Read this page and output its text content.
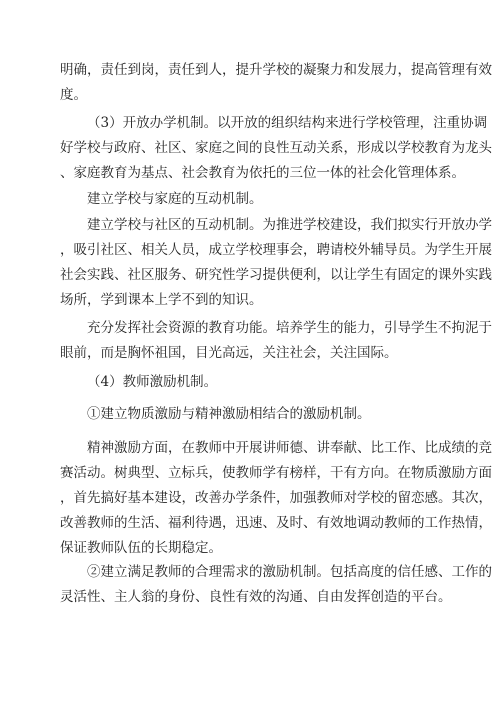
明确，责任到岗，责任到人，提升学校的凝聚力和发展力，提高管理有效
度。
（3）开放办学机制。以开放的组织结构来进行学校管理，注重协调
好学校与政府、社区、家庭之间的良性互动关系，形成以学校教育为龙头
、家庭教育为基点、社会教育为依托的三位一体的社会化管理体系。
建立学校与家庭的互动机制。
建立学校与社区的互动机制。为推进学校建设，我们拟实行开放办学
，吸引社区、相关人员，成立学校理事会，聘请校外辅导员。为学生开展
社会实践、社区服务、研究性学习提供便利，以让学生有固定的课外实践
场所，学到课本上学不到的知识。
充分发挥社会资源的教育功能。培养学生的能力，引导学生不拘泥于
眼前，而是胸怀祖国，目光高远，关注社会，关注国际。
（4）教师激励机制。
①建立物质激励与精神激励相结合的激励机制。
精神激励方面，在教师中开展讲师德、讲奉献、比工作、比成绩的竞
赛活动。树典型、立标兵，使教师学有榜样，干有方向。在物质激励方面
，首先搞好基本建设，改善办学条件，加强教师对学校的留恋感。其次，
改善教师的生活、福利待遇，迅速、及时、有效地调动教师的工作热情，
保证教师队伍的长期稳定。
②建立满足教师的合理需求的激励机制。包括高度的信任感、工作的
灵活性、主人翁的身份、良性有效的沟通、自由发挥创造的平台。
